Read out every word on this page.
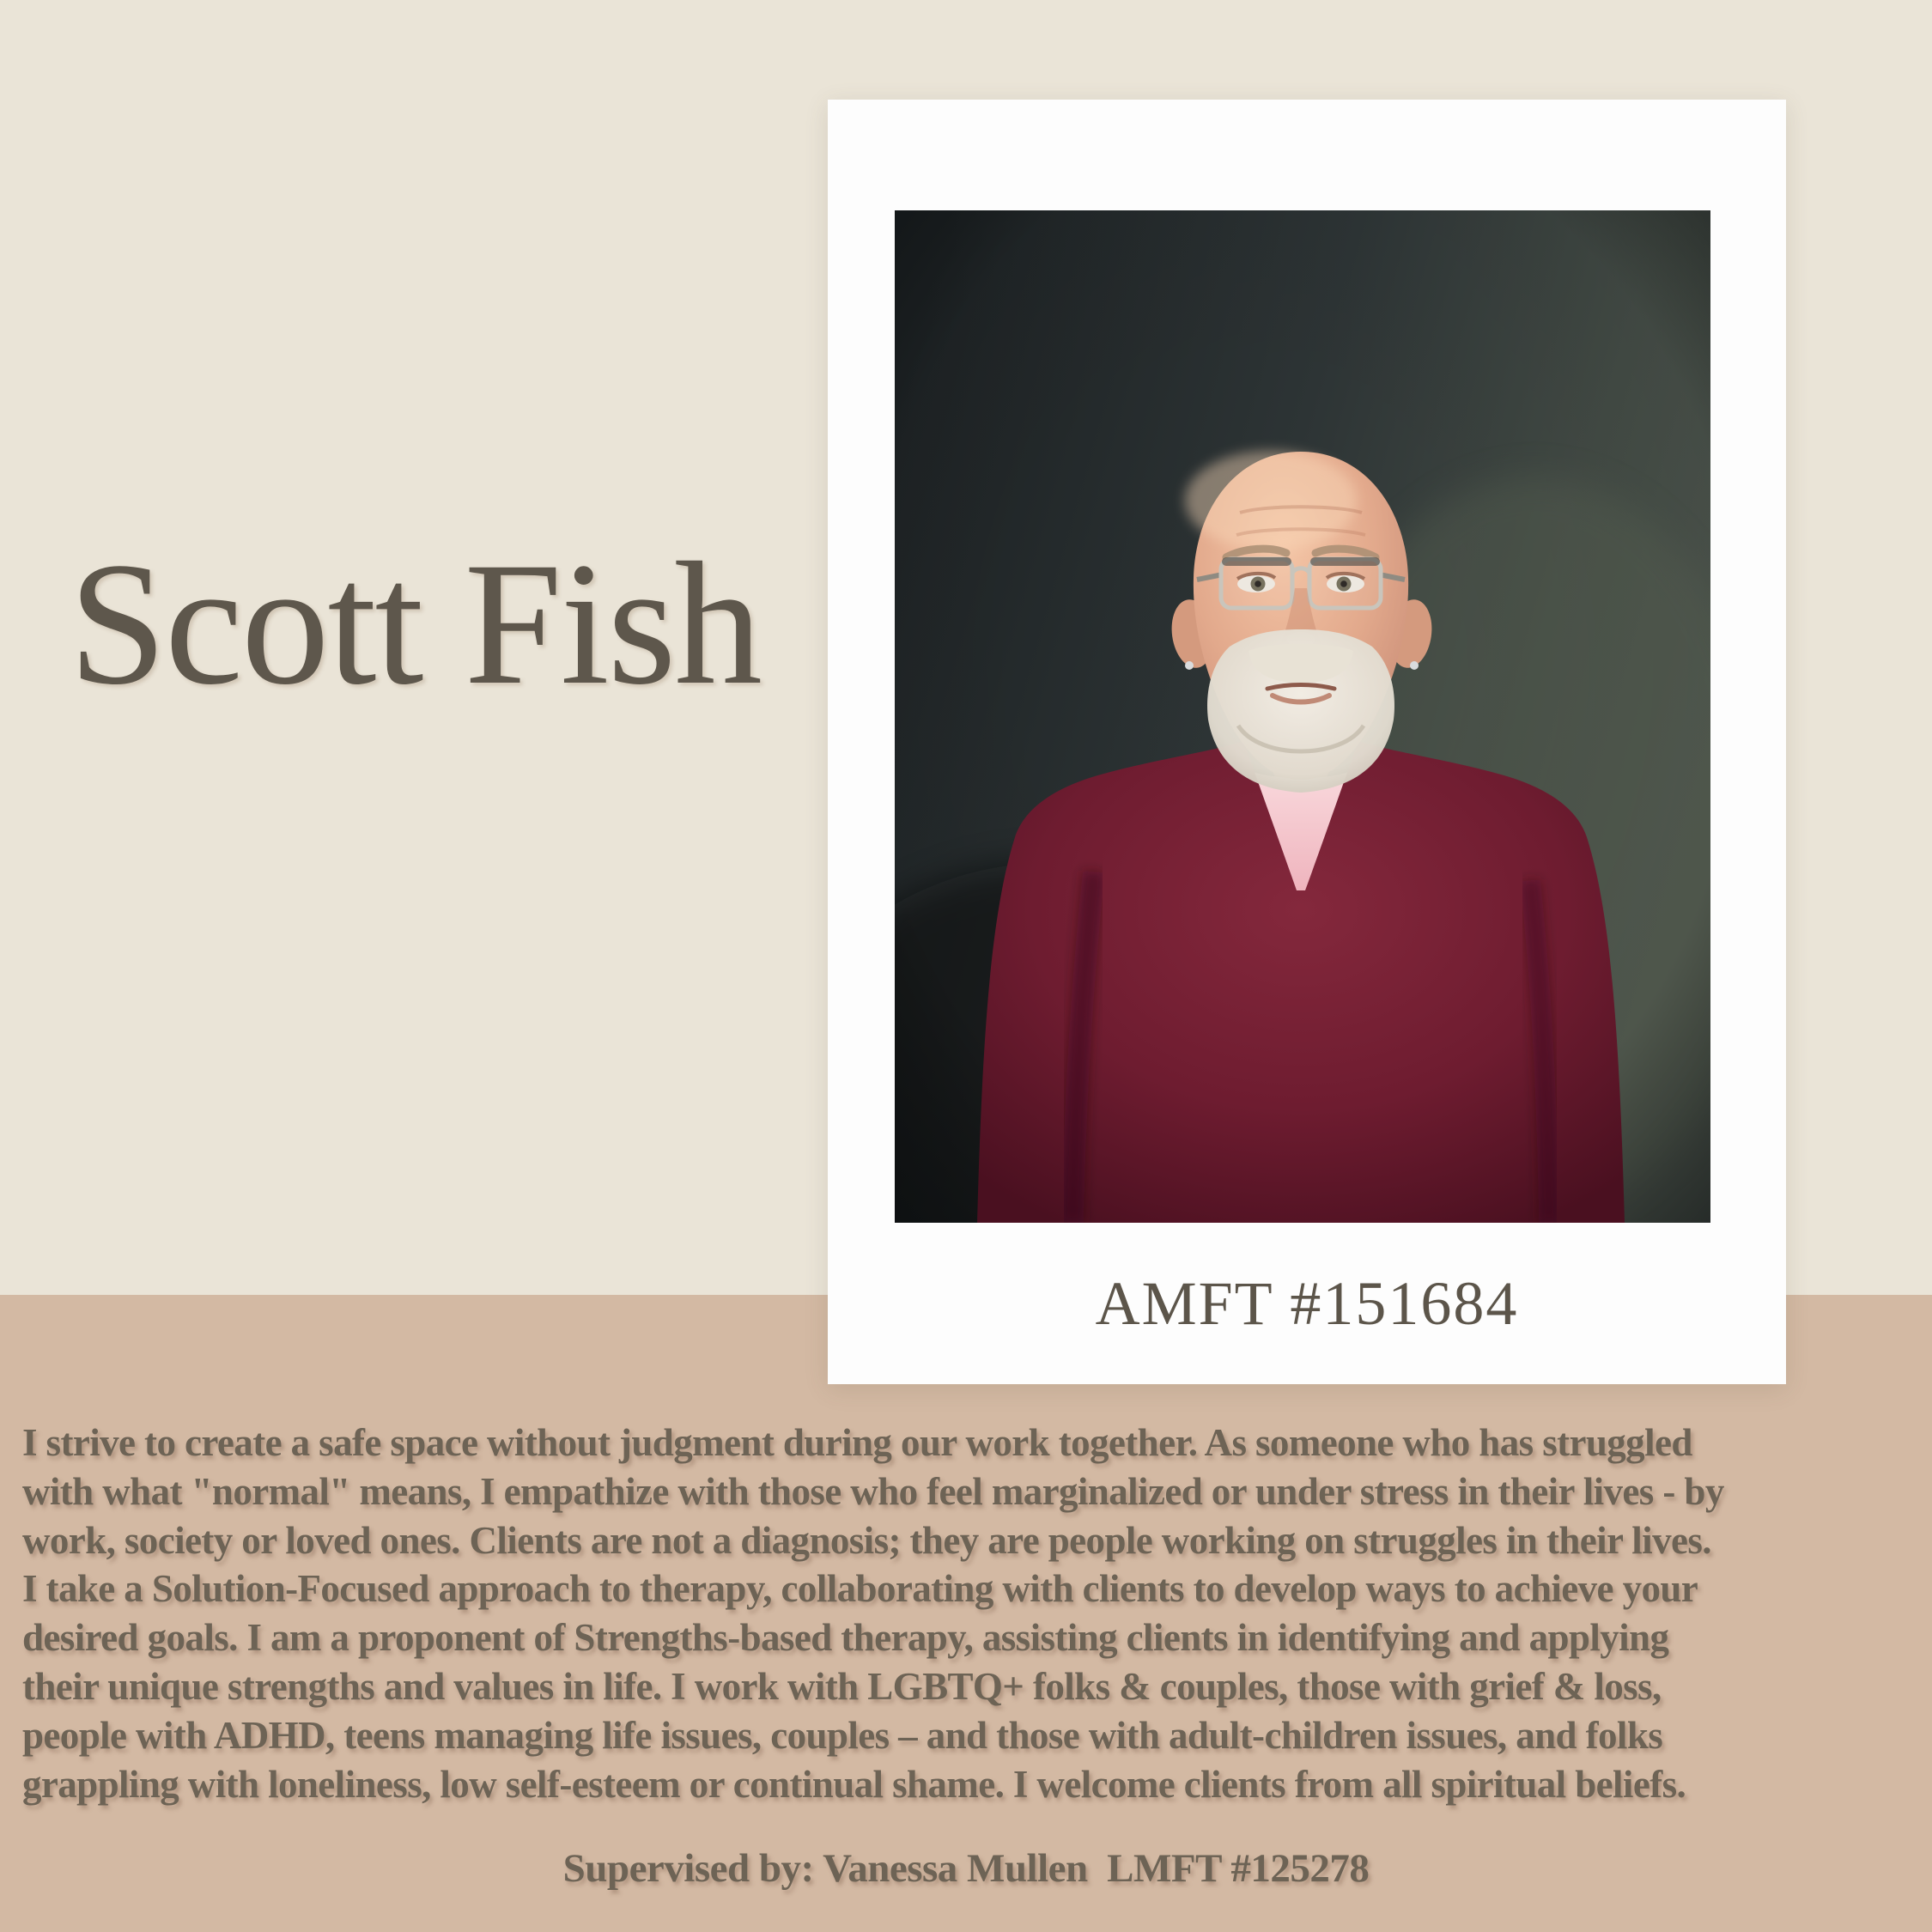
Scott Fish
AMFT #151684
I strive to create a safe space without judgment during our work together. As someone who has struggled
with what "normal" means, I empathize with those who feel marginalized or under stress in their lives - by
work, society or loved ones. Clients are not a diagnosis; they are people working on struggles in their lives.
I take a Solution-Focused approach to therapy, collaborating with clients to develop ways to achieve your
desired goals. I am a proponent of Strengths-based therapy, assisting clients in identifying and applying
their unique strengths and values in life. I work with LGBTQ+ folks & couples, those with grief & loss,
people with ADHD, teens managing life issues, couples – and those with adult-children issues, and folks
grappling with loneliness, low self-esteem or continual shame. I welcome clients from all spiritual beliefs.
Supervised by: Vanessa Mullen  LMFT #125278
